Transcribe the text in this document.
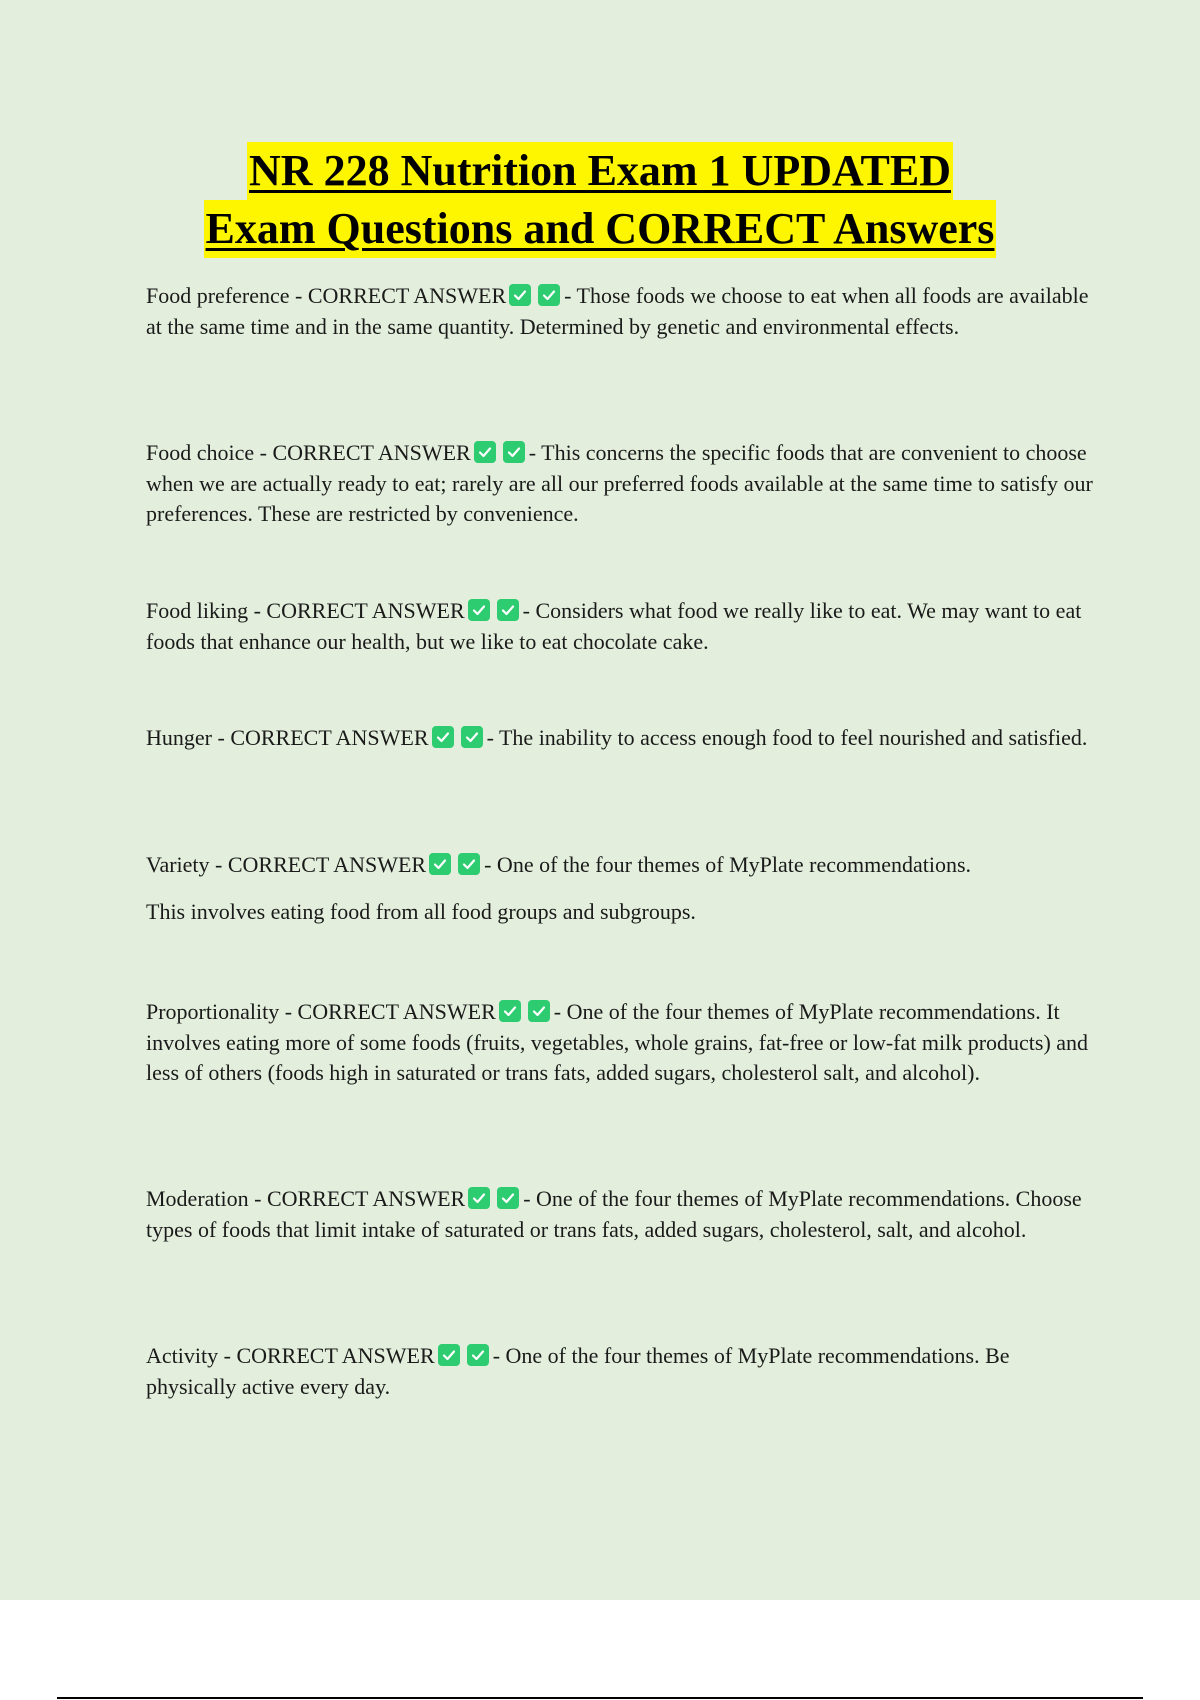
NR 228 Nutrition Exam 1 UPDATED
Exam Questions and CORRECT Answers
Food preference - CORRECT ANSWER	- Those foods we choose to eat when all foods are available at the same time and in the same quantity. Determined by genetic and environmental effects.
Food choice - CORRECT ANSWER	- This concerns the specific foods that are convenient to choose when we are actually ready to eat; rarely are all our preferred foods available at the same time to satisfy our preferences. These are restricted by convenience.
Food liking - CORRECT ANSWER	- Considers what food we really like to eat. We may want to eat foods that enhance our health, but we like to eat chocolate cake.
Hunger - CORRECT ANSWER	- The inability to access enough food to feel nourished and satisfied.
Variety - CORRECT ANSWER	- One of the four themes of MyPlate recommendations.
This involves eating food from all food groups and subgroups.
Proportionality - CORRECT ANSWER	- One of the four themes of MyPlate recommendations. It involves eating more of some foods (fruits, vegetables, whole grains, fat-free or low-fat milk products) and less of others (foods high in saturated or trans fats, added sugars, cholesterol salt, and alcohol).
Moderation - CORRECT ANSWER	- One of the four themes of MyPlate recommendations. Choose types of foods that limit intake of saturated or trans fats, added sugars, cholesterol, salt, and alcohol.
Activity - CORRECT ANSWER	- One of the four themes of MyPlate recommendations. Be physically active every day.
